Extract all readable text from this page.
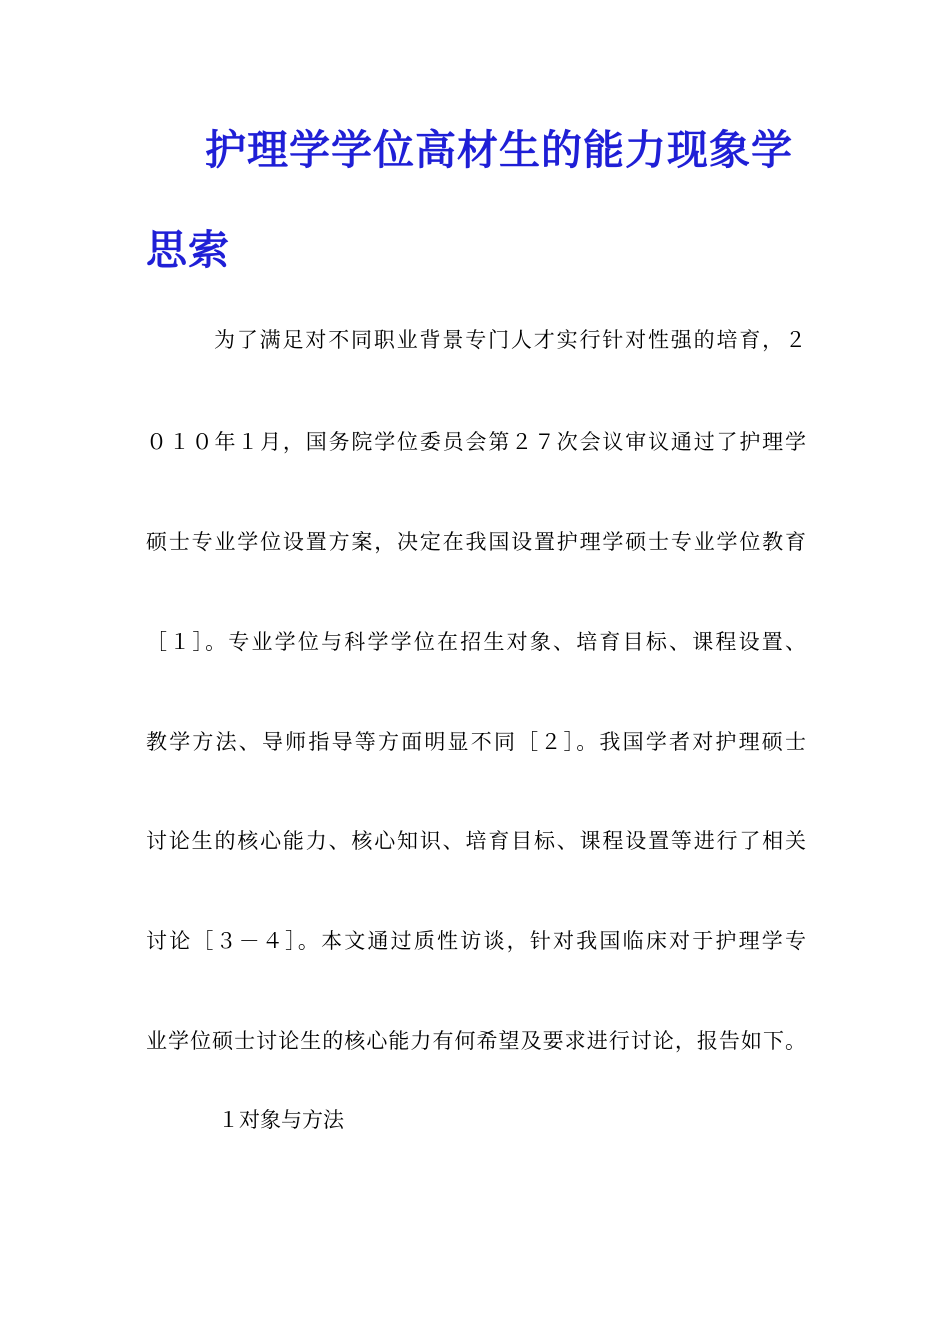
护理学学位高材生的能力现象学
思索
为了满足对不同职业背景专门人才实行针对性强的培育，２
０１０年１月，国务院学位委员会第２７次会议审议通过了护理学
硕士专业学位设置方案，决定在我国设置护理学硕士专业学位教育
［１］。专业学位与科学学位在招生对象、培育目标、课程设置、
教学方法、导师指导等方面明显不同［２］。我国学者对护理硕士
讨论生的核心能力、核心知识、培育目标、课程设置等进行了相关
讨论［３－４］。本文通过质性访谈，针对我国临床对于护理学专
业学位硕士讨论生的核心能力有何希望及要求进行讨论，报告如下。
１对象与方法
